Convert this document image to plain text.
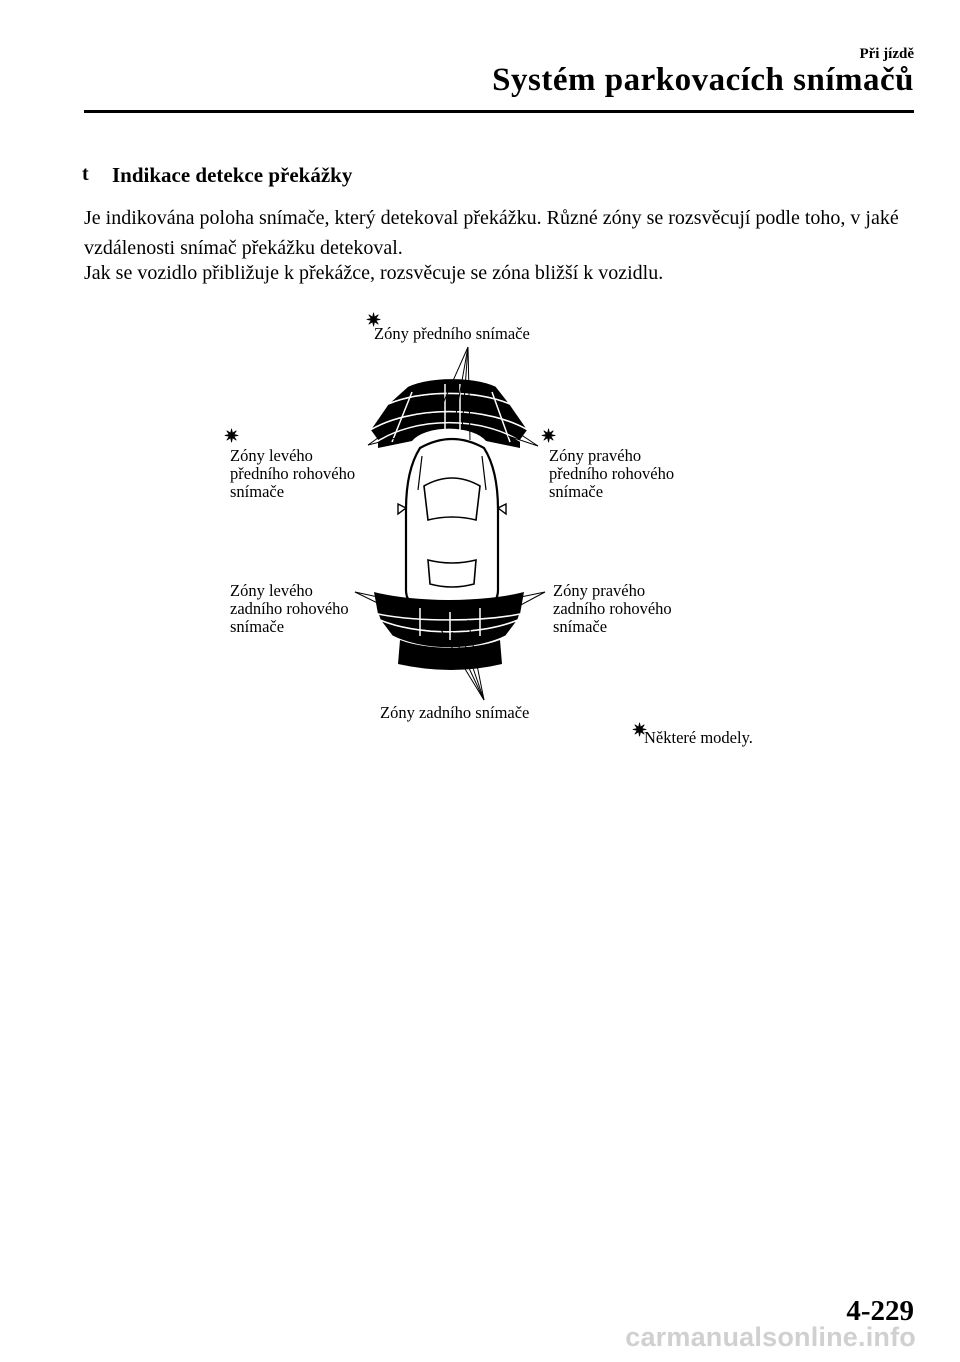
Při jízdě
Systém parkovacích snímačů
t Indikace detekce překážky
Je indikována poloha snímače, který detekoval překážku. Různé zóny se rozsvěcují podle toho, v jaké vzdálenosti snímač překážku detekoval.
Jak se vozidlo přibližuje k překážce, rozsvěcuje se zóna bližší k vozidlu.
✷
Zóny předního snímače
✷
Zóny levého
předního rohového
snímače
✷
Zóny pravého
předního rohového
snímače
Zóny levého
zadního rohového
snímače
Zóny pravého
zadního rohového
snímače
Zóny zadního snímače
✷
Některé modely.
4-229
carmanualsonline.info
